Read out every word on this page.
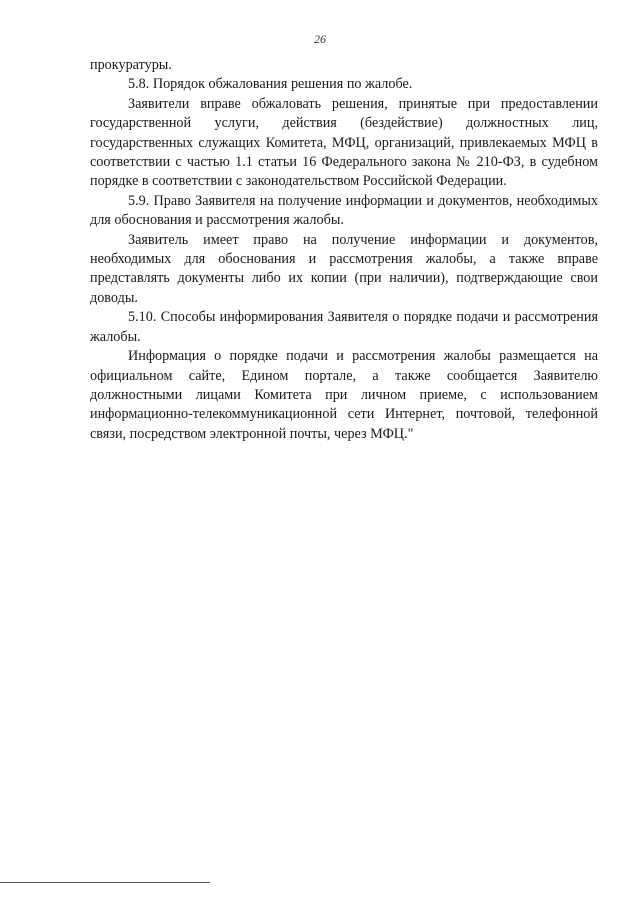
26

прокуратуры.

5.8. Порядок обжалования решения по жалобе.

Заявители вправе обжаловать решения, принятые при предоставлении государственной услуги, действия (бездействие) должностных лиц, государственных служащих Комитета, МФЦ, организаций, привлекаемых МФЦ в соответствии с частью 1.1 статьи 16 Федерального закона № 210-ФЗ, в судебном порядке в соответствии с законодательством Российской Федерации.

5.9. Право Заявителя на получение информации и документов, необходимых для обоснования и рассмотрения жалобы.

Заявитель имеет право на получение информации и документов, необходимых для обоснования и рассмотрения жалобы, а также вправе представлять документы либо их копии (при наличии), подтверждающие свои доводы.

5.10. Способы информирования Заявителя о порядке подачи и рассмотрения жалобы.

Информация о порядке подачи и рассмотрения жалобы размещается на официальном сайте, Едином портале, а также сообщается Заявителю должностными лицами Комитета при личном приеме, с использованием информационно-телекоммуникационной сети Интернет, почтовой, телефонной связи, посредством электронной почты, через МФЦ."
